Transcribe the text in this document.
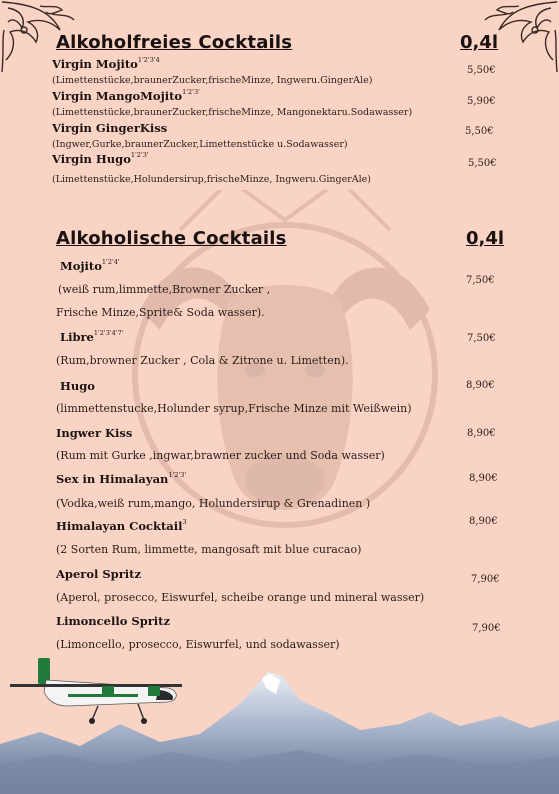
Alkoholfreies Cocktails	0,4l
Virgin Mojito$^{1'2'3'4}$
(Limettenstücke,braunerZucker,frischeMinze, Ingweru.GingerAle)
5,50€
Virgin MangoMojito$^{1'2'3'}$
(Limettenstücke,braunerZucker,frischeMinze, Mangonektaru.Sodawasser)
5,90€
Virgin GingerKiss
(Ingwer,Gurke,braunerZucker,Limettenstücke u.Sodawasser)
5,50€
Virgin Hugo$^{1'2'3'}$
(Limettenstücke,Holundersirup,frischeMinze, Ingweru.GingerAle)
5,50€
Alkoholische Cocktails	0,4l
Mojito$^{1'2'4'}$
(weiß rum,limmette,Browner Zucker ,
Frische Minze,Sprite& Soda wasser).
7,50€
Libre$^{1'2'3'4'7'}$
(Rum,browner Zucker , Cola & Zitrone u. Limetten).
7,50€
Hugo
(limmettenstucke,Holunder syrup,Frische Minze mit Weißwein)
8,90€
Ingwer Kiss
(Rum mit Gurke ,ingwar,brawner zucker und Soda wasser)
8,90€
Sex in Himalayan$^{1'2'3'}$
(Vodka,weiß rum,mango, Holundersirup & Grenadinen )
8,90€
Himalayan Cocktail$^3$
(2 Sorten Rum, limmette, mangosaft mit blue curacao)
8,90€
Aperol Spritz
(Aperol, prosecco, Eiswurfel, scheibe orange und mineral wasser)
7,90€
Limoncello Spritz
(Limoncello, prosecco, Eiswurfel, und sodawasser)
7,90€
